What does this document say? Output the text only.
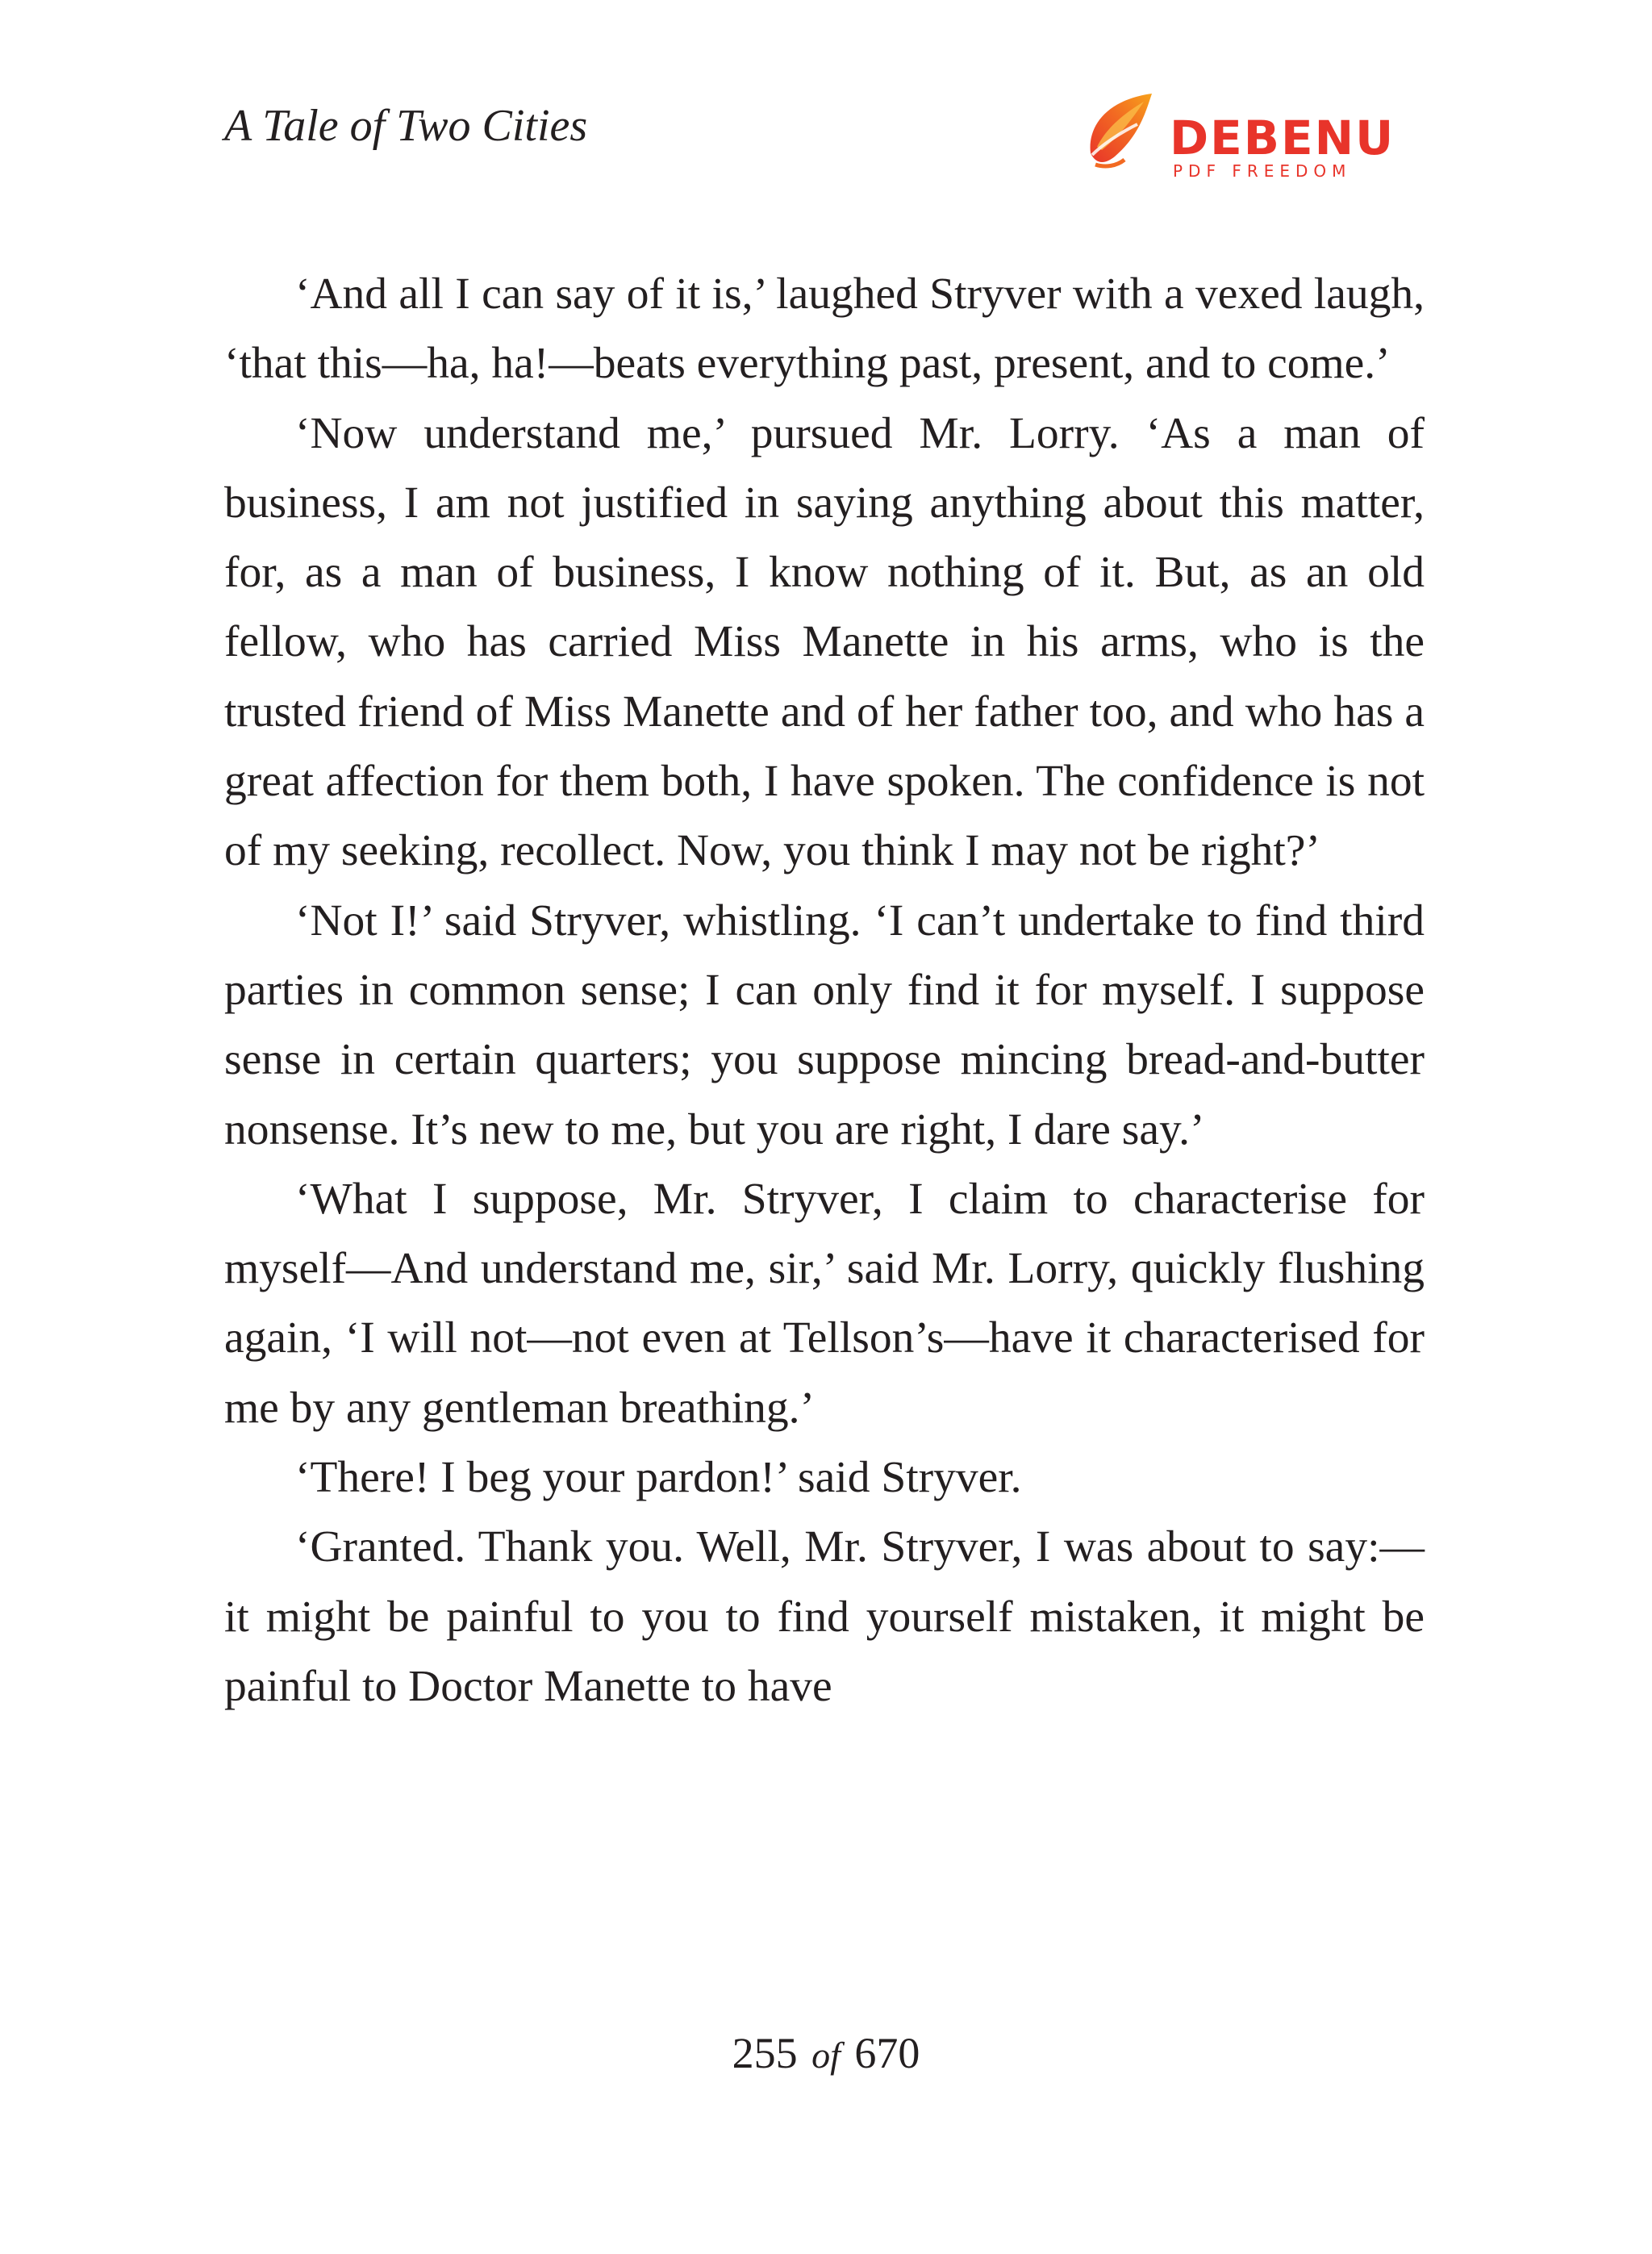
A Tale of Two Cities	DEBENU
PDF FREEDOM

‘And all I can say of it is,’ laughed Stryver with a vexed laugh, ‘that this—ha, ha!—beats everything past, present, and to come.’

‘Now understand me,’ pursued Mr. Lorry. ‘As a man of business, I am not justified in saying anything about this matter, for, as a man of business, I know nothing of it. But, as an old fellow, who has carried Miss Manette in his arms, who is the trusted friend of Miss Manette and of her father too, and who has a great affection for them both, I have spoken. The confidence is not of my seeking, recollect. Now, you think I may not be right?’

‘Not I!’ said Stryver, whistling. ‘I can’t undertake to find third parties in common sense; I can only find it for myself. I suppose sense in certain quarters; you suppose mincing bread-and-butter nonsense. It’s new to me, but you are right, I dare say.’

‘What I suppose, Mr. Stryver, I claim to characterise for myself—And understand me, sir,’ said Mr. Lorry, quickly flushing again, ‘I will not—not even at Tellson’s—have it characterised for me by any gentleman breathing.’

‘There! I beg your pardon!’ said Stryver.

‘Granted. Thank you. Well, Mr. Stryver, I was about to say:—it might be painful to you to find yourself mistaken, it might be painful to Doctor Manette to have

255 of 670
